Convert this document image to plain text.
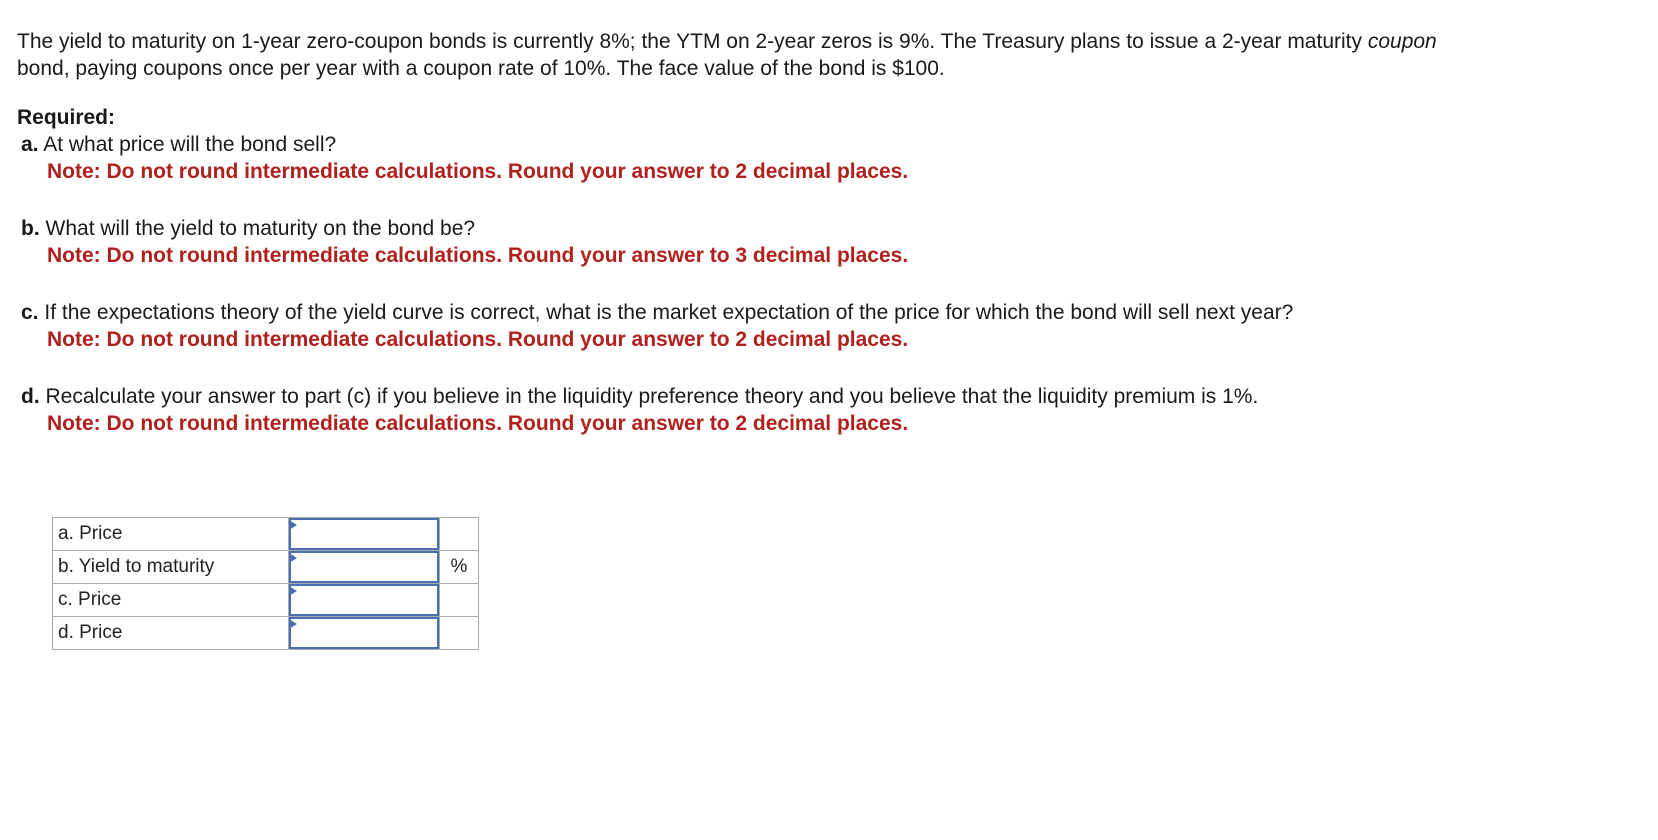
The yield to maturity on 1-year zero-coupon bonds is currently 8%; the YTM on 2-year zeros is 9%. The Treasury plans to issue a 2-year maturity coupon bond, paying coupons once per year with a coupon rate of 10%. The face value of the bond is $100.

Required:
a. At what price will the bond sell?
Note: Do not round intermediate calculations. Round your answer to 2 decimal places.
b. What will the yield to maturity on the bond be?
Note: Do not round intermediate calculations. Round your answer to 3 decimal places.
c. If the expectations theory of the yield curve is correct, what is the market expectation of the price for which the bond will sell next year?
Note: Do not round intermediate calculations. Round your answer to 2 decimal places.
d. Recalculate your answer to part (c) if you believe in the liquidity preference theory and you believe that the liquidity premium is 1%.
Note: Do not round intermediate calculations. Round your answer to 2 decimal places.
a. Price	

b. Yield to maturity		%
c. Price	

d. Price	
